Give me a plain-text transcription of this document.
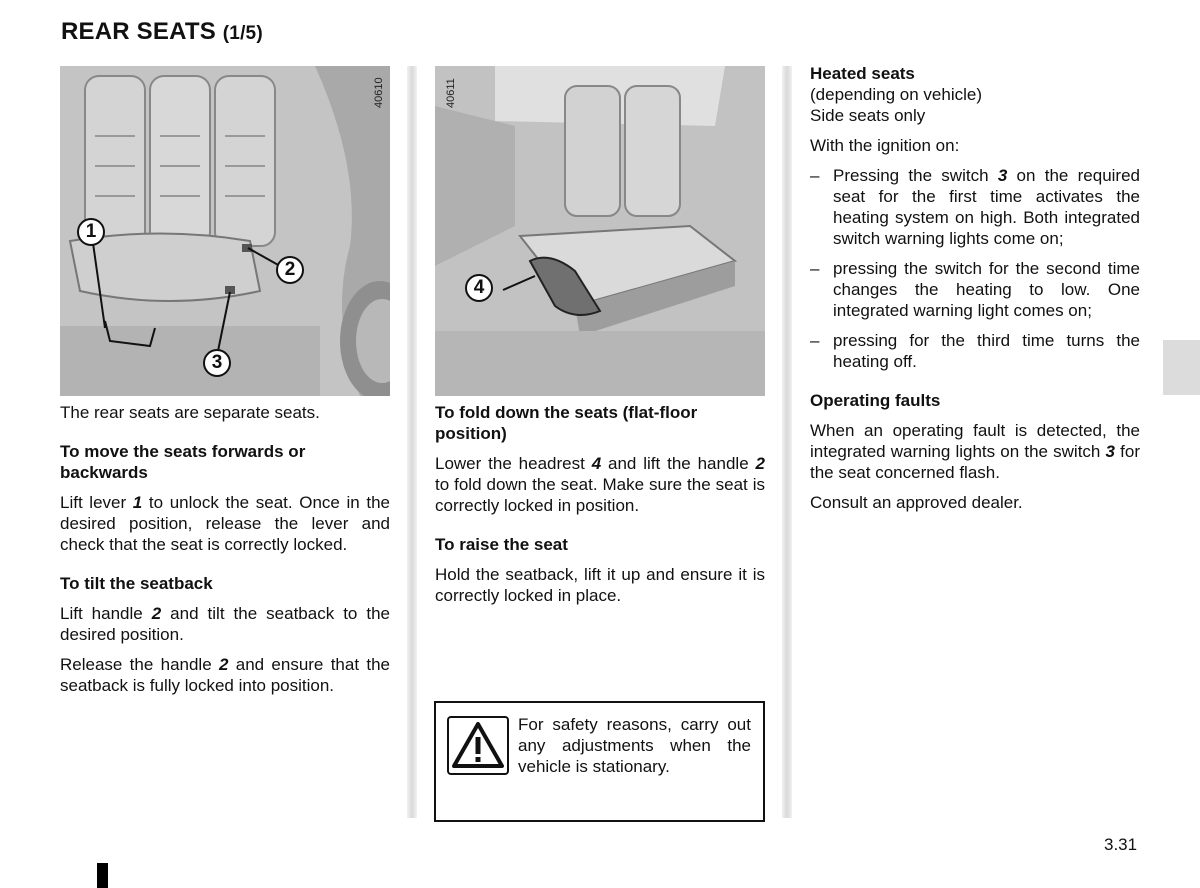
REAR SEATS (1/5)
40610
1
2
3
40611
4

The rear seats are separate seats.

To move the seats forwards or backwards

Lift lever 1 to unlock the seat. Once in the desired position, release the lever and check that the seat is correctly locked.

To tilt the seatback

Lift handle 2 and tilt the seatback to the desired position.

Release the handle 2 and ensure that the seatback is fully locked into position.

To fold down the seats (flat-floor position)

Lower the headrest 4 and lift the handle 2 to fold down the seat. Make sure the seat is correctly locked in position.

To raise the seat

Hold the seatback, lift it up and ensure it is correctly locked in place.

For safety reasons, carry out any adjustments when the vehicle is stationary.
Heated seats
(depending on vehicle)
Side seats only

With the ignition on:

– Pressing the switch 3 on the required seat for the first time activates the heating system on high. Both integrated switch warning lights come on;
– pressing the switch for the second time changes the heating to low. One integrated warning light comes on;
– pressing for the third time turns the heating off.
Operating faults

When an operating fault is detected, the integrated warning lights on the switch 3 for the seat concerned flash.

Consult an approved dealer.

3.31
